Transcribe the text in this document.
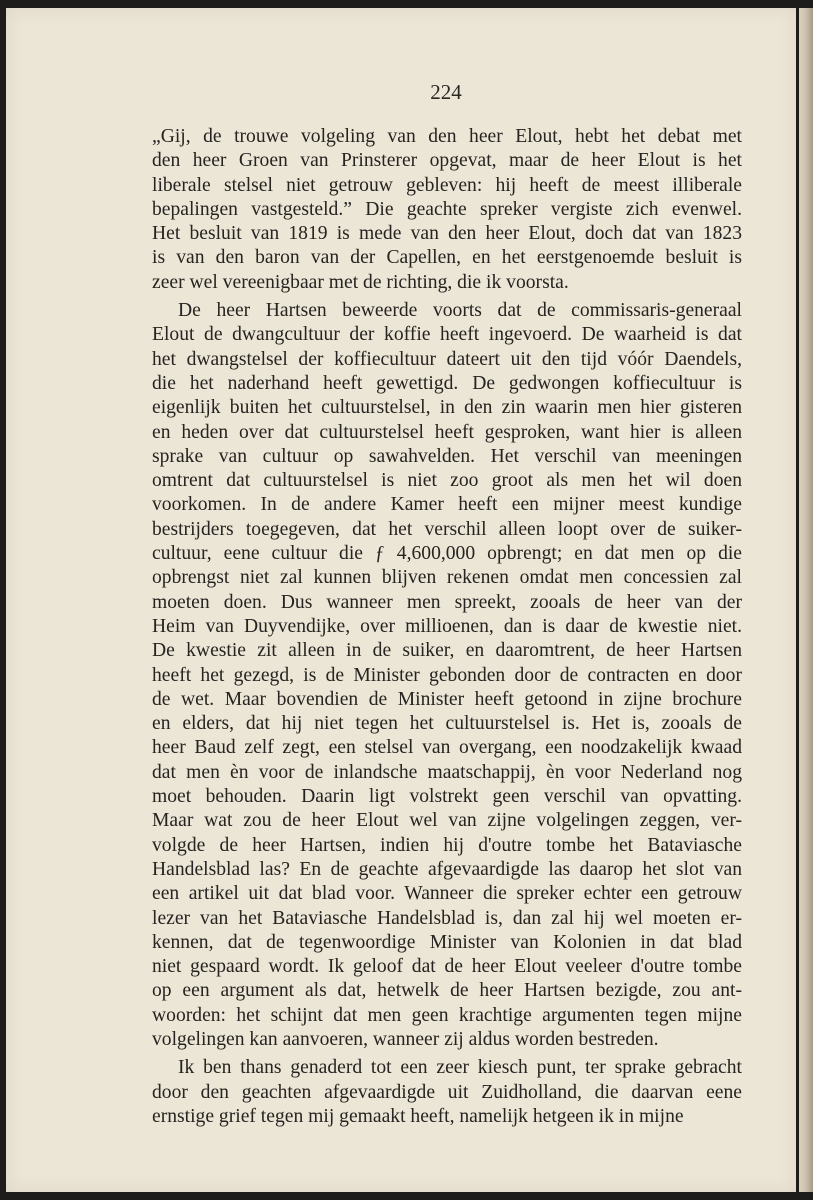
224
„Gij, de trouwe volgeling van den heer Elout, hebt het debat met
den heer Groen van Prinsterer opgevat, maar de heer Elout is het
liberale stelsel niet getrouw gebleven: hij heeft de meest illiberale
bepalingen vastgesteld.” Die geachte spreker vergiste zich evenwel.
Het besluit van 1819 is mede van den heer Elout, doch dat van 1823
is van den baron van der Capellen, en het eerstgenoemde besluit is
zeer wel vereenigbaar met de richting, die ik voorsta.
De heer Hartsen beweerde voorts dat de commissaris-generaal
Elout de dwangcultuur der koffie heeft ingevoerd. De waarheid is dat
het dwangstelsel der koffiecultuur dateert uit den tijd vóór Daendels,
die het naderhand heeft gewettigd. De gedwongen koffiecultuur is
eigenlijk buiten het cultuurstelsel, in den zin waarin men hier gisteren
en heden over dat cultuurstelsel heeft gesproken, want hier is alleen
sprake van cultuur op sawahvelden. Het verschil van meeningen
omtrent dat cultuurstelsel is niet zoo groot als men het wil doen
voorkomen. In de andere Kamer heeft een mijner meest kundige
bestrijders toegegeven, dat het verschil alleen loopt over de suiker-
cultuur, eene cultuur die ƒ 4,600,000 opbrengt; en dat men op die
opbrengst niet zal kunnen blijven rekenen omdat men concessien zal
moeten doen. Dus wanneer men spreekt, zooals de heer van der
Heim van Duyvendijke, over millioenen, dan is daar de kwestie niet.
De kwestie zit alleen in de suiker, en daaromtrent, de heer Hartsen
heeft het gezegd, is de Minister gebonden door de contracten en door
de wet. Maar bovendien de Minister heeft getoond in zijne brochure
en elders, dat hij niet tegen het cultuurstelsel is. Het is, zooals de
heer Baud zelf zegt, een stelsel van overgang, een noodzakelijk kwaad
dat men èn voor de inlandsche maatschappij, èn voor Nederland nog
moet behouden. Daarin ligt volstrekt geen verschil van opvatting.
Maar wat zou de heer Elout wel van zijne volgelingen zeggen, ver-
volgde de heer Hartsen, indien hij d'outre tombe het Bataviasche
Handelsblad las? En de geachte afgevaardigde las daarop het slot van
een artikel uit dat blad voor. Wanneer die spreker echter een getrouw
lezer van het Bataviasche Handelsblad is, dan zal hij wel moeten er-
kennen, dat de tegenwoordige Minister van Kolonien in dat blad
niet gespaard wordt. Ik geloof dat de heer Elout veeleer d'outre tombe
op een argument als dat, hetwelk de heer Hartsen bezigde, zou ant-
woorden: het schijnt dat men geen krachtige argumenten tegen mijne
volgelingen kan aanvoeren, wanneer zij aldus worden bestreden.
Ik ben thans genaderd tot een zeer kiesch punt, ter sprake gebracht
door den geachten afgevaardigde uit Zuidholland, die daarvan eene
ernstige grief tegen mij gemaakt heeft, namelijk hetgeen ik in mijne
